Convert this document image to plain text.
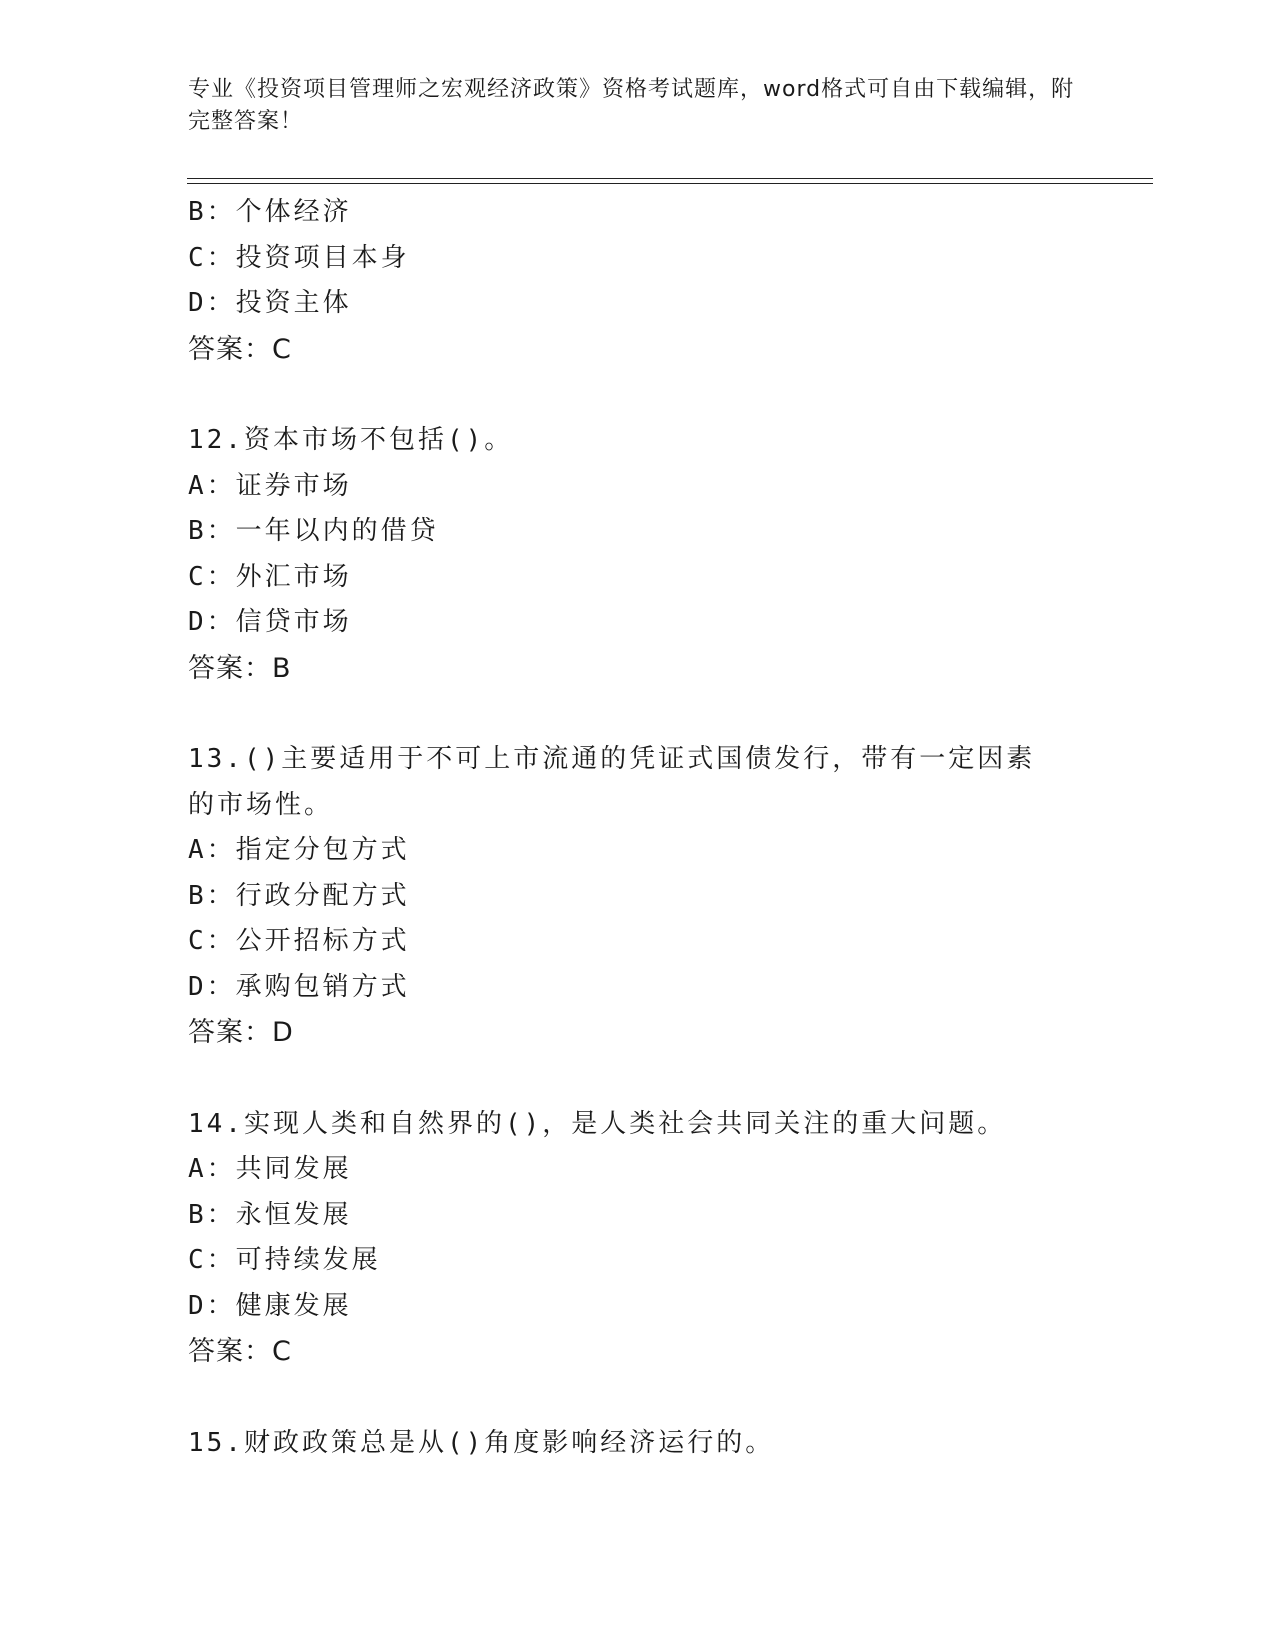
专业《投资项目管理师之宏观经济政策》资格考试题库，word格式可自由下载编辑，附完整答案！
B：个体经济
C：投资项目本身
D：投资主体
答案：C
12.资本市场不包括()。
A：证券市场
B：一年以内的借贷
C：外汇市场
D：信贷市场
答案：B
13.()主要适用于不可上市流通的凭证式国债发行，带有一定因素的市场性。
A：指定分包方式
B：行政分配方式
C：公开招标方式
D：承购包销方式
答案：D
14.实现人类和自然界的()，是人类社会共同关注的重大问题。
A：共同发展
B：永恒发展
C：可持续发展
D：健康发展
答案：C
15.财政政策总是从()角度影响经济运行的。
